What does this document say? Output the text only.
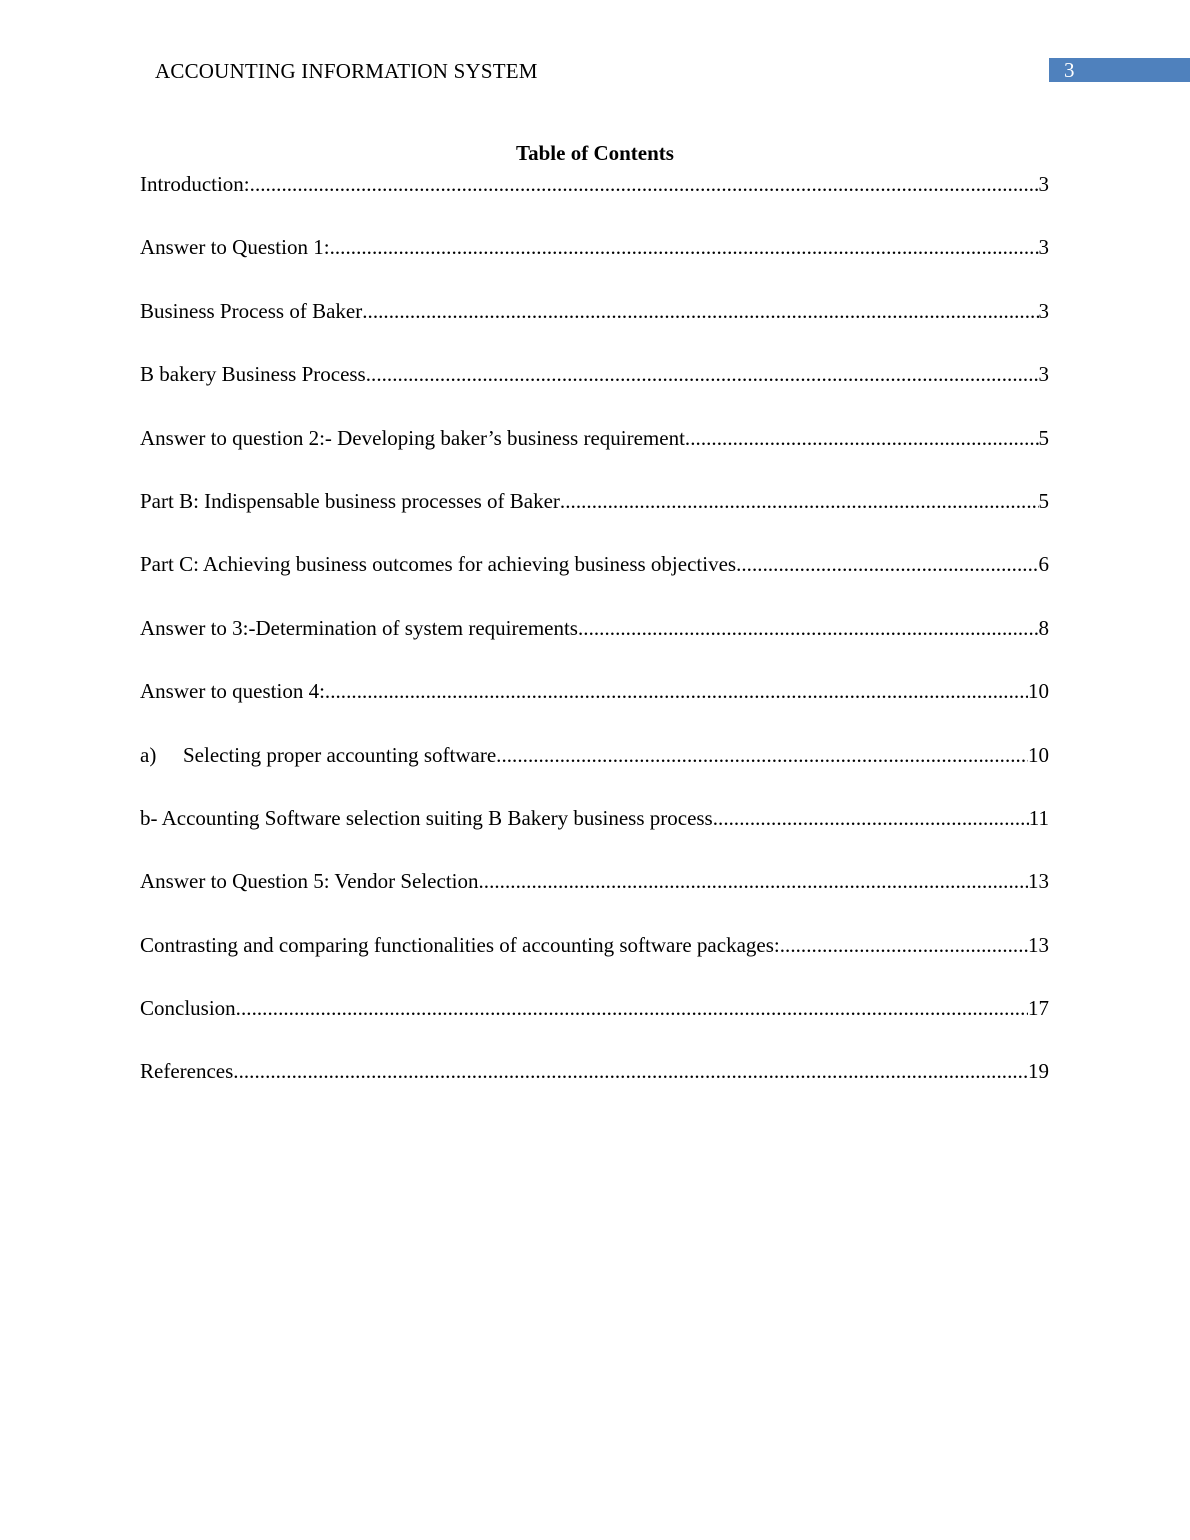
ACCOUNTING INFORMATION SYSTEM	3
Table of Contents
Introduction: .....	3
Answer to Question 1: .....	3
Business Process of Baker .....	3
B bakery Business Process .....	3
Answer to question 2:- Developing baker’s business requirement .....	5
Part B: Indispensable business processes of Baker .....	5
Part C: Achieving business outcomes for achieving business objectives .....	6
Answer to 3:-Determination of system requirements .....	8
Answer to question 4: .....	10
a)	Selecting proper accounting software .....	10
b- Accounting Software selection suiting B Bakery business process .....	11
Answer to Question 5: Vendor Selection .....	13
Contrasting and comparing functionalities of accounting software packages: .....	13
Conclusion .....	17
References .....	19
